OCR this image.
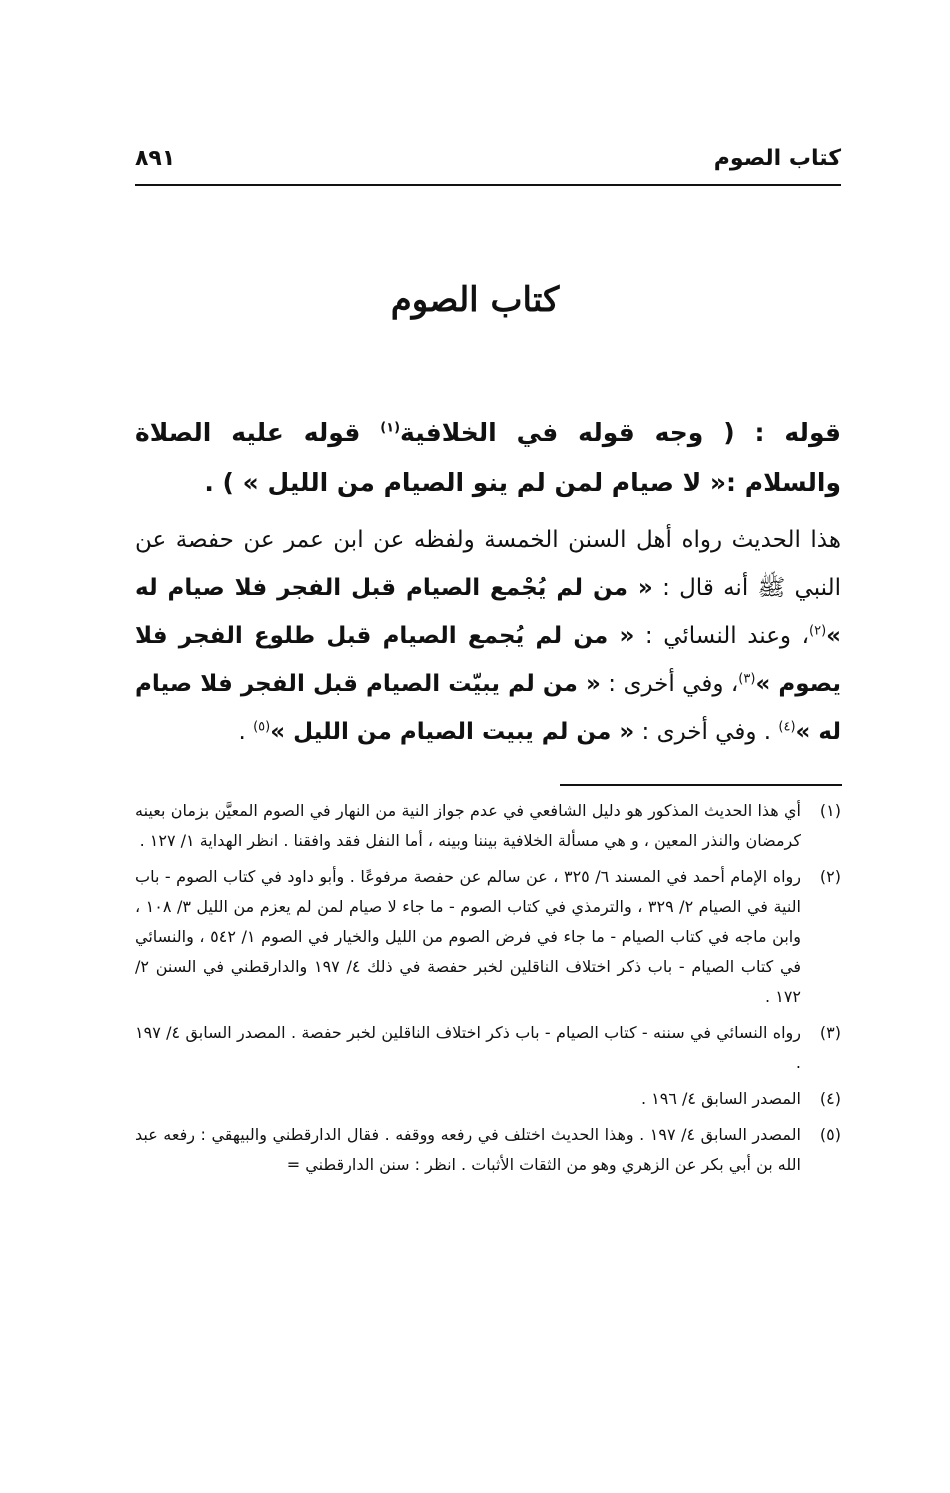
كتاب الصوم
٨٩١
كتاب الصوم
قوله : ( وجه قوله في الخلافية$^{(١)}$ قوله عليه الصلاة والسلام :« لا صيام لمن لم ينو الصيام من الليل » ) .
هذا الحديث رواه أهل السنن الخمسة ولفظه عن ابن عمر عن حفصة عن النبي ﷺ أنه قال : « من لم يُجْمع الصيام قبل الفجر فلا صيام له »$^{(٢)}$، وعند النسائي : « من لم يُجمع الصيام قبل طلوع الفجر فلا يصوم »$^{(٣)}$، وفي أخرى : « من لم يبيّت الصيام قبل الفجر فلا صيام له »$^{(٤)}$ . وفي أخرى : « من لم يبيت الصيام من الليل »$^{(٥)}$ .
(١)
أي هذا الحديث المذكور هو دليل الشافعي في عدم جواز النية من النهار في الصوم المعيَّن بزمان بعينه كرمضان والنذر المعين ، و هي مسألة الخلافية بيننا وبينه ، أما النفل فقد وافقنا . انظر الهداية ١/ ١٢٧ .
(٢)
رواه الإمام أحمد في المسند ٦/ ٣٢٥ ، عن سالم عن حفصة مرفوعًا . وأبو داود في كتاب الصوم - باب النية في الصيام ٢/ ٣٢٩ ، والترمذي في كتاب الصوم - ما جاء لا صيام لمن لم يعزم من الليل ٣/ ١٠٨ ، وابن ماجه في كتاب الصيام - ما جاء في فرض الصوم من الليل والخيار في الصوم ١/ ٥٤٢ ، والنسائي في كتاب الصيام - باب ذكر اختلاف الناقلين لخبر حفصة في ذلك ٤/ ١٩٧ والدارقطني في السنن ٢/ ١٧٢ .
(٣)
رواه النسائي في سننه - كتاب الصيام - باب ذكر اختلاف الناقلين لخبر حفصة . المصدر السابق ٤/ ١٩٧ .
(٤)
المصدر السابق ٤/ ١٩٦ .
(٥)
المصدر السابق ٤/ ١٩٧ . وهذا الحديث اختلف في رفعه ووقفه . فقال الدارقطني والبيهقي : رفعه عبد الله بن أبي بكر عن الزهري وهو من الثقات الأثبات . انظر : سنن الدارقطني =
